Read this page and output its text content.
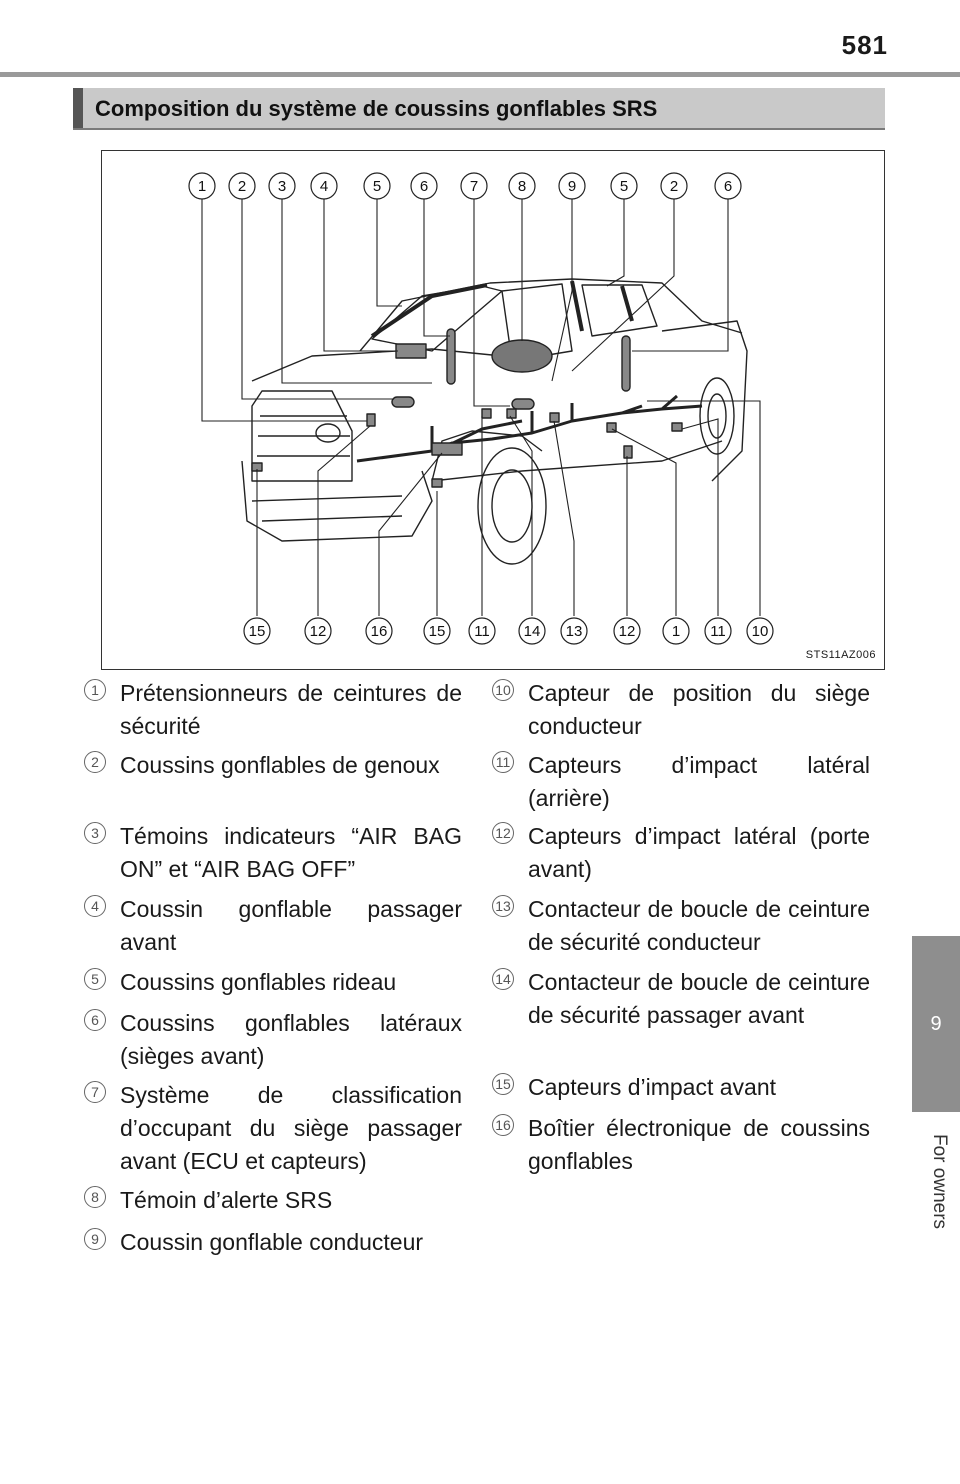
581
9
For owners
Composition du système de coussins gonflables SRS
1 2 3 4	5	6	7	8	9	5	2	6
15	12	16	15 11 14 13 12 1 11 10
STS11AZ006
1 Prétensionneurs de ceintures de sécurité
2 Coussins gonflables de genoux
3 Témoins indicateurs “AIR BAG ON” et “AIR BAG OFF”
4 Coussin gonflable passager avant
5 Coussins gonflables rideau
6 Coussins gonflables latéraux (sièges avant)
7 Système de classification d’occupant du siège passager avant (ECU et capteurs)
8 Témoin d’alerte SRS
9 Coussin gonflable conducteur
10 Capteur de position du siège conducteur
11 Capteurs d’impact latéral (arrière)
12 Capteurs d’impact latéral (porte avant)
13 Contacteur de boucle de ceinture de sécurité conducteur
14 Contacteur de boucle de ceinture de sécurité passager avant
15 Capteurs d’impact avant
16 Boîtier électronique de coussins gonflables
